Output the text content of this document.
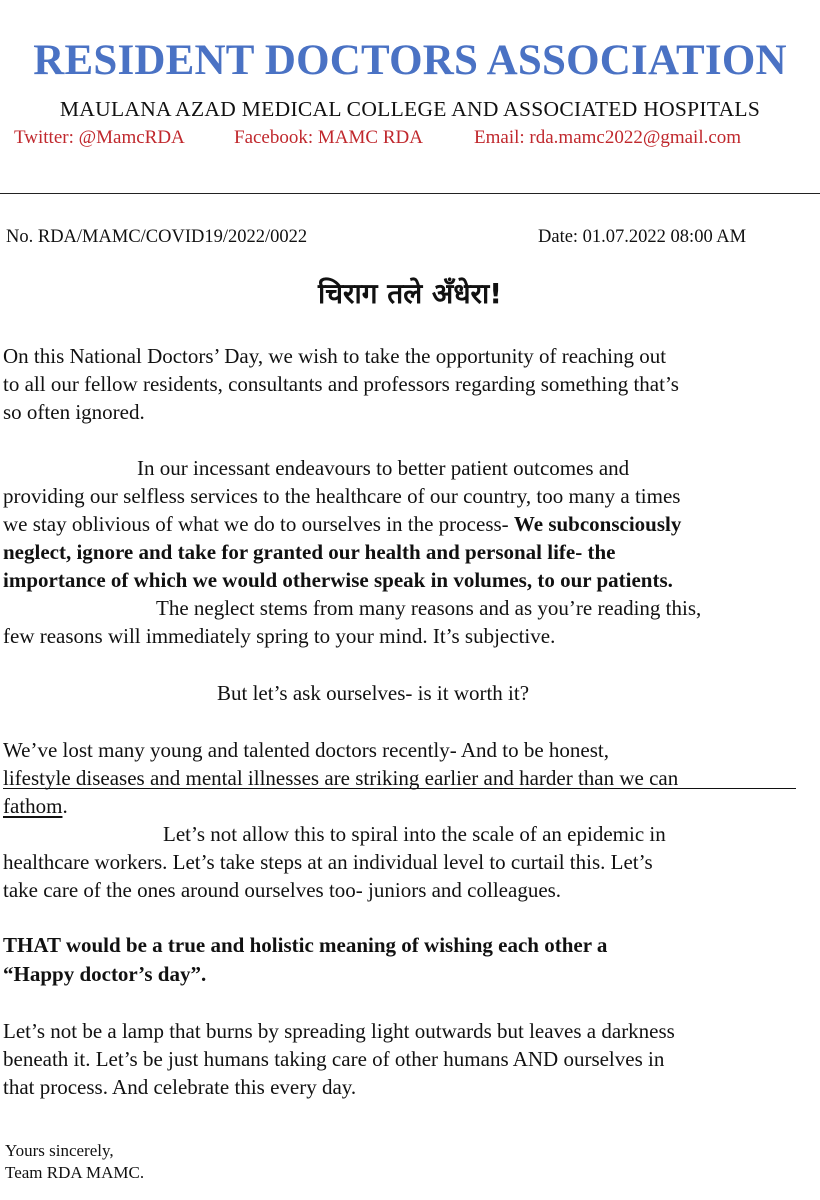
RESIDENT DOCTORS ASSOCIATION
MAULANA AZAD MEDICAL COLLEGE AND ASSOCIATED HOSPITALS
Twitter: @MamcRDA	Facebook: MAMC RDA	Email: rda.mamc2022@gmail.com
No. RDA/MAMC/COVID19/2022/0022	Date: 01.07.2022 08:00 AM
चिराग तले अँधेरा!
On this National Doctors’ Day, we wish to take the opportunity of reaching out
to all our fellow residents, consultants and professors regarding something that’s
so often ignored.
In our incessant endeavours to better patient outcomes and
providing our selfless services to the healthcare of our country, too many a times
we stay oblivious of what we do to ourselves in the process- We subconsciously
neglect, ignore and take for granted our health and personal life- the
importance of which we would otherwise speak in volumes, to our patients.
The neglect stems from many reasons and as you’re reading this,
few reasons will immediately spring to your mind. It’s subjective.
But let’s ask ourselves- is it worth it?
We’ve lost many young and talented doctors recently- And to be honest,
lifestyle diseases and mental illnesses are striking earlier and harder than we can
fathom.
Let’s not allow this to spiral into the scale of an epidemic in
healthcare workers. Let’s take steps at an individual level to curtail this. Let’s
take care of the ones around ourselves too- juniors and colleagues.
THAT would be a true and holistic meaning of wishing each other a
“Happy doctor’s day”.
Let’s not be a lamp that burns by spreading light outwards but leaves a darkness
beneath it. Let’s be just humans taking care of other humans AND ourselves in
that process. And celebrate this every day.
Yours sincerely,
Team RDA MAMC.
